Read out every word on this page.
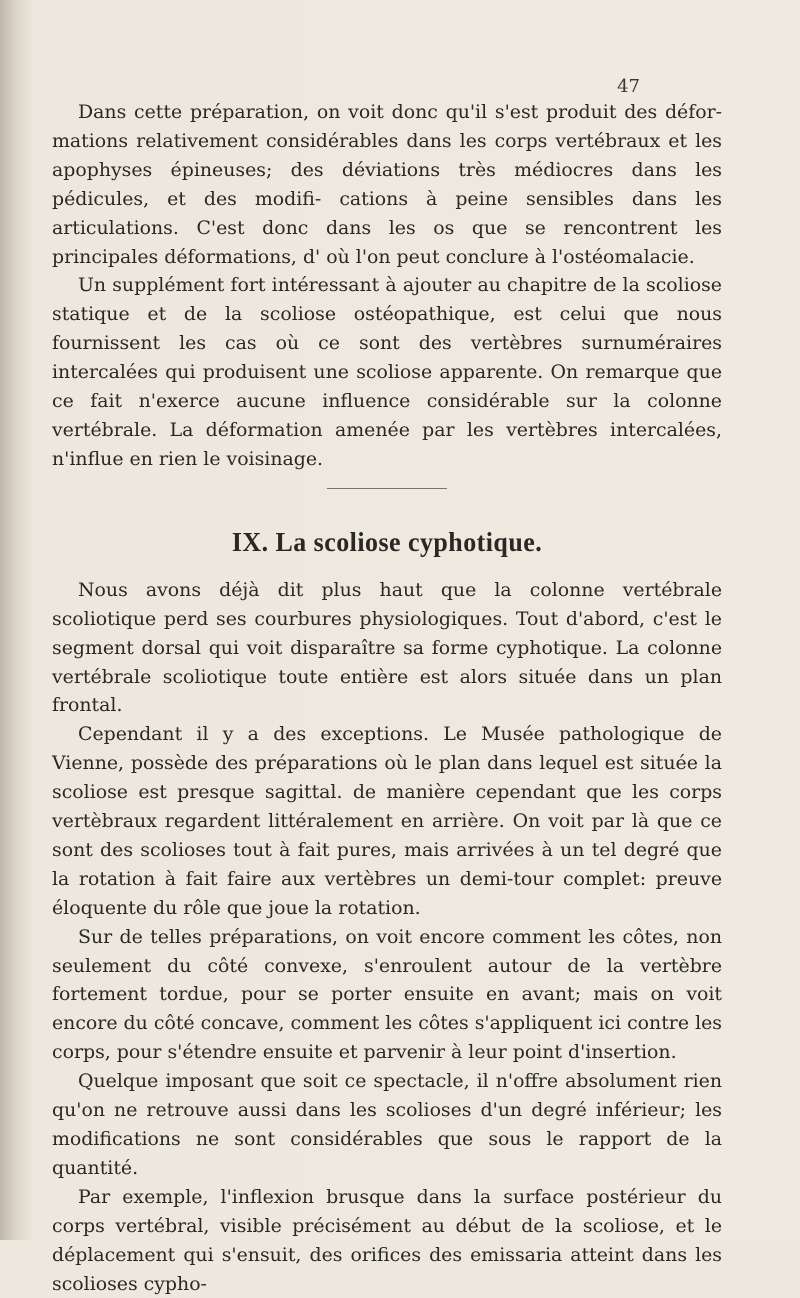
47

Dans cette préparation, on voit donc qu'il s'est produit des défor- mations relativement considérables dans les corps vertébraux et les apophyses épineuses; des déviations très médiocres dans les pédicules, et des modifi- cations à peine sensibles dans les articulations. C'est donc dans les os que se rencontrent les principales déformations, d' où l'on peut conclure à l'ostéomalacie.

Un supplément fort intéressant à ajouter au chapitre de la scoliose statique et de la scoliose ostéopathique, est celui que nous fournissent les cas où ce sont des vertèbres surnuméraires intercalées qui produisent une scoliose apparente. On remarque que ce fait n'exerce aucune influence considérable sur la colonne vertébrale. La déformation amenée par les vertèbres intercalées, n'influe en rien le voisinage.

IX. La scoliose cyphotique.

Nous avons déjà dit plus haut que la colonne vertébrale scoliotique perd ses courbures physiologiques. Tout d'abord, c'est le segment dorsal qui voit disparaître sa forme cyphotique. La colonne vertébrale scoliotique toute entière est alors située dans un plan frontal.

Cependant il y a des exceptions. Le Musée pathologique de Vienne, possède des préparations où le plan dans lequel est située la scoliose est presque sagittal. de manière cependant que les corps vertèbraux regardent littéralement en arrière. On voit par là que ce sont des scolioses tout à fait pures, mais arrivées à un tel degré que la rotation à fait faire aux vertèbres un demi-tour complet: preuve éloquente du rôle que joue la rotation.

Sur de telles préparations, on voit encore comment les côtes, non seulement du côté convexe, s'enroulent autour de la vertèbre fortement tordue, pour se porter ensuite en avant; mais on voit encore du côté concave, comment les côtes s'appliquent ici contre les corps, pour s'étendre ensuite et parvenir à leur point d'insertion.

Quelque imposant que soit ce spectacle, il n'offre absolument rien qu'on ne retrouve aussi dans les scolioses d'un degré inférieur; les modifications ne sont considérables que sous le rapport de la quantité.

Par exemple, l'inflexion brusque dans la surface postérieur du corps vertébral, visible précisément au début de la scoliose, et le déplacement qui s'ensuit, des orifices des emissaria atteint dans les scolioses cypho-
